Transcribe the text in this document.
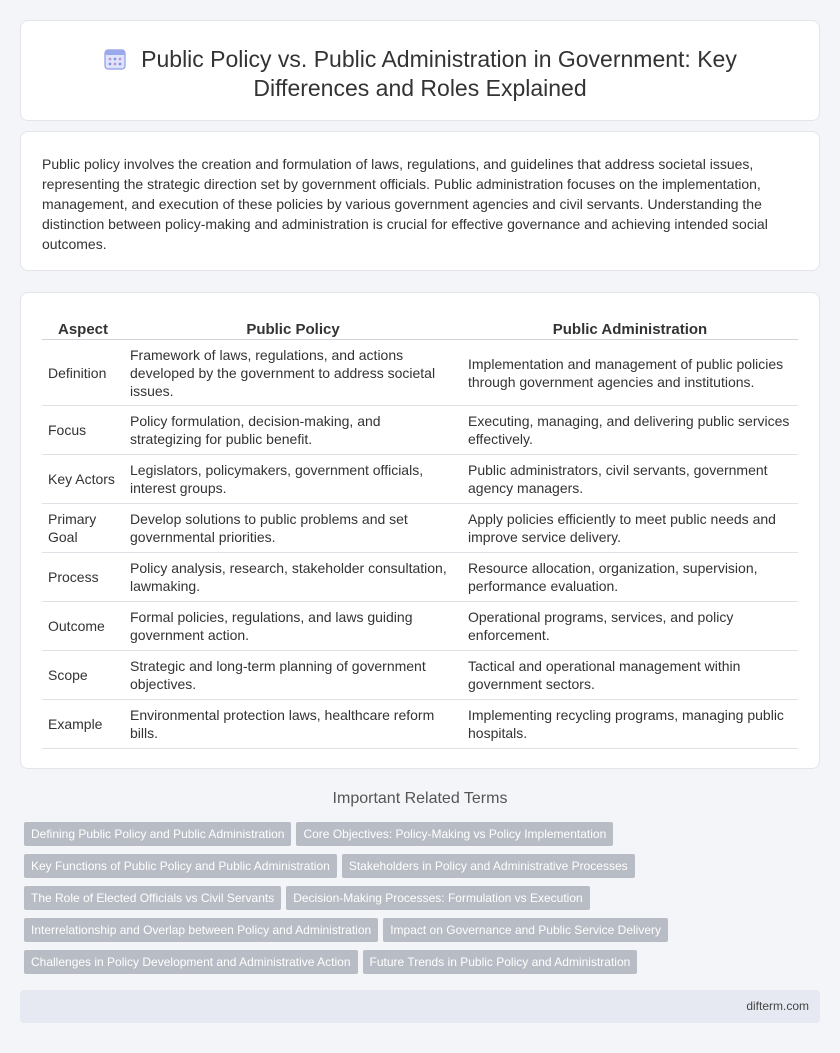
Public Policy vs. Public Administration in Government: Key
Differences and Roles Explained

Public policy involves the creation and formulation of laws, regulations, and guidelines that address societal issues, representing the strategic direction set by government officials. Public administration focuses on the implementation, management, and execution of these policies by various government agencies and civil servants. Understanding the distinction between policy-making and administration is crucial for effective governance and achieving intended social outcomes.

Aspect	Public Policy	Public Administration
Definition	Framework of laws, regulations, and actions developed by the government to address societal issues.	Implementation and management of public policies through government agencies and institutions.
Focus	Policy formulation, decision-making, and strategizing for public benefit.	Executing, managing, and delivering public services effectively.
Key Actors	Legislators, policymakers, government officials, interest groups.	Public administrators, civil servants, government agency managers.
Primary Goal	Develop solutions to public problems and set governmental priorities.	Apply policies efficiently to meet public needs and improve service delivery.
Process	Policy analysis, research, stakeholder consultation, lawmaking.	Resource allocation, organization, supervision, performance evaluation.
Outcome	Formal policies, regulations, and laws guiding government action.	Operational programs, services, and policy enforcement.
Scope	Strategic and long-term planning of government objectives.	Tactical and operational management within government sectors.
Example	Environmental protection laws, healthcare reform bills.	Implementing recycling programs, managing public hospitals.
Important Related Terms
Defining Public Policy and Public Administration Core Objectives: Policy-Making vs Policy Implementation
Key Functions of Public Policy and Public Administration Stakeholders in Policy and Administrative Processes
The Role of Elected Officials vs Civil Servants Decision-Making Processes: Formulation vs Execution
Interrelationship and Overlap between Policy and Administration Impact on Governance and Public Service Delivery
Challenges in Policy Development and Administrative Action Future Trends in Public Policy and Administration
difterm.com
